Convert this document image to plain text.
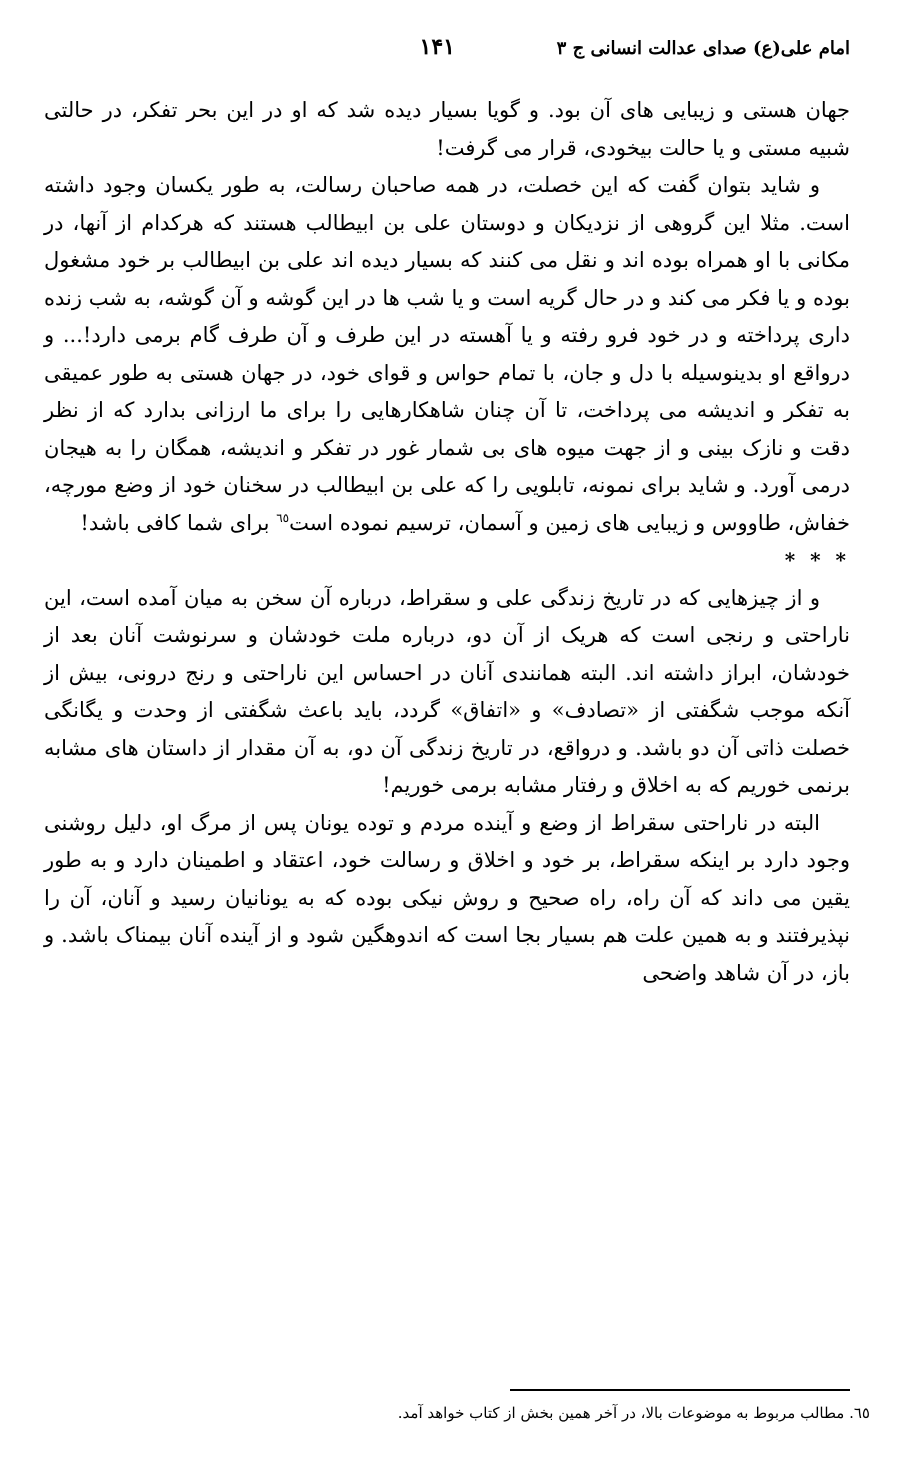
امام علی(ع) صدای عدالت انسانی ج ۳
۱۴۱

جهان هستی و زیبایی های آن بود. و گویا بسیار دیده شد که او در این بحر تفکر، در حالتی شبیه مستی و یا حالت بیخودی، قرار می گرفت!

و شاید بتوان گفت که این خصلت، در همه صاحبان رسالت، به طور یکسان وجود داشته است. مثلا این گروهی از نزدیکان و دوستان علی بن ابیطالب هستند که هرکدام از آنها، در مکانی با او همراه بوده اند و نقل می کنند که بسیار دیده اند علی بن ابیطالب بر خود مشغول بوده و یا فکر می کند و در حال گریه است و یا شب ها در این گوشه و آن گوشه، به شب زنده داری پرداخته و در خود فرو رفته و یا آهسته در این طرف و آن طرف گام برمی دارد!... و درواقع او بدینوسیله با دل و جان، با تمام حواس و قوای خود، در جهان هستی به طور عمیقی به تفکر و اندیشه می پرداخت، تا آن چنان شاهکارهایی را برای ما ارزانی بدارد که از نظر دقت و نازک بینی و از جهت میوه های بی شمار غور در تفکر و اندیشه، همگان را به هیجان درمی آورد. و شاید برای نمونه، تابلویی را که علی بن ابیطالب در سخنان خود از وضع مورچه، خفاش، طاووس و زیبایی های زمین و آسمان، ترسیم نموده است$^{٦٥}$ برای شما کافی باشد!

* * *

و از چیزهایی که در تاریخ زندگی علی و سقراط، درباره آن سخن به میان آمده است، این ناراحتی و رنجی است که هریک از آن دو، درباره ملت خودشان و سرنوشت آنان بعد از خودشان، ابراز داشته اند. البته همانندی آنان در احساس این ناراحتی و رنج درونی، بیش از آنکه موجب شگفتی از «تصادف» و «اتفاق» گردد، باید باعث شگفتی از وحدت و یگانگی خصلت ذاتی آن دو باشد. و درواقع، در تاریخ زندگی آن دو، به آن مقدار از داستان های مشابه برنمی خوریم که به اخلاق و رفتار مشابه برمی خوریم!

البته در ناراحتی سقراط از وضع و آینده مردم و توده یونان پس از مرگ او، دلیل روشنی وجود دارد بر اینکه سقراط، بر خود و اخلاق و رسالت خود، اعتقاد و اطمینان دارد و به طور یقین می داند که آن راه، راه صحیح و روش نیکی بوده که به یونانیان رسید و آنان، آن را نپذیرفتند و به همین علت هم بسیار بجا است که اندوهگین شود و از آینده آنان بیمناک باشد. و باز، در آن شاهد واضحی

٦٥. مطالب مربوط به موضوعات بالا، در آخر همین بخش از کتاب خواهد آمد.
